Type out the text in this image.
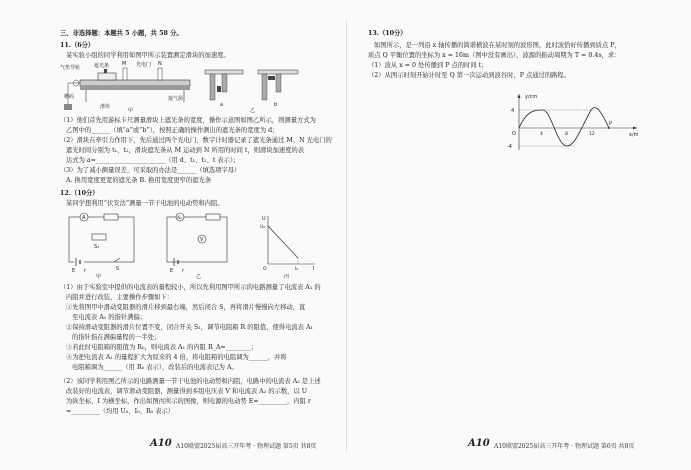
三、非选择题：本题共 5 小题，共 58 分。
11.（6分）
某实验小组的同学利用如图甲所示装置测定滑块的加速度。
气垫导轨	遮光条	光电门
M	N
接气源
槽码
滑块
甲
a	b
乙
（1）他们首先用游标卡尺测量滑块上遮光条的宽度，操作示意图如图乙所示，则测量方式为
乙图中的______（填“a”或“b”），按照正确的操作测出的遮光条的宽度为 d；
（2）滑块在牵引力作用下，先后通过两个光电门，数字计时器记录了遮光条通过 M、N 光电门的
遮光时间分别为 t₁、t₂，滑块遮光条从 M 运动到 N 所用的时间 t，则滑块加速度的表
达式为 a=______________________（用 d、t₁、t₂、t 表示）；
（3）为了减小测量误差，可采取的办法是______（填选项字母）
A. 换用宽度更宽的遮光条 B. 换用宽度更窄的遮光条
12.（10分）
某同学想利用“伏安法”测量一节干电池的电动势和内阻。
A
E r	S
S₁
甲
A₂
V
E r
乙
U
U₀
O	I₀	I
丙
（1）由于实验室中提供的电流表的量程较小，所以先利用图甲所示的电路测量了电流表 A₁ 的
内阻并进行改装，主要操作步骤如下：
①先将图甲中滑动变阻器的滑片移到最右端，然后闭合 S，再将滑片慢慢向左移动，直
至电流表 A₁ 的指针满偏；
②保持滑动变阻器的滑片位置不变，闭合开关 S₁，调节电阻箱 R 的阻值，使得电流表 A₁
的指针指在满偏量程的一半处；
③若此时电阻箱的阻值为 R₀，则电流表 A₁ 的内阻 R_A=________；
④为把电流表 A₁ 的量程扩大为原来的 4 倍，将电阻箱的电阻调为______，并将
电阻箱调为______（用 R₀ 表示），改装后的电流表记为 A。
（2）该同学利用图乙所示的电路测量一节干电池的电动势和内阻，电路中的电流表 A₂ 是上述
改装好的电流表，调节滑动变阻器，测量得到多组电压表 V 和电流表 A₂ 的示数，以 U
为纵坐标、I 为横坐标，作出如图丙所示的图像，则电源的电动势 E=_________，内阻 r
=_________（均用 U₀、I₀、R₀ 表示）
A10 A10联盟2025届高三开年考 · 物理试题 第5页 共8页
13.（10分）
如图所示，是一列沿 x 轴传播的简谐横波在某时刻的波形图，此时波恰好传播到质点 P，
质点 Q 平衡位置的坐标为 x = 16m（图中没有画出），波源的振动周期为 T = 0.4s，求：
（1）波从 x = 0 处传播到 P 点的时间 t；
（2）从图示时刻开始计时至 Q 第一次运动到波谷时，P 点通过的路程。
y/cm
4
-4
O
P
x/m
4	8	12
A10 A10联盟2025届高三开年考 · 物理试题 第6页 共8页
